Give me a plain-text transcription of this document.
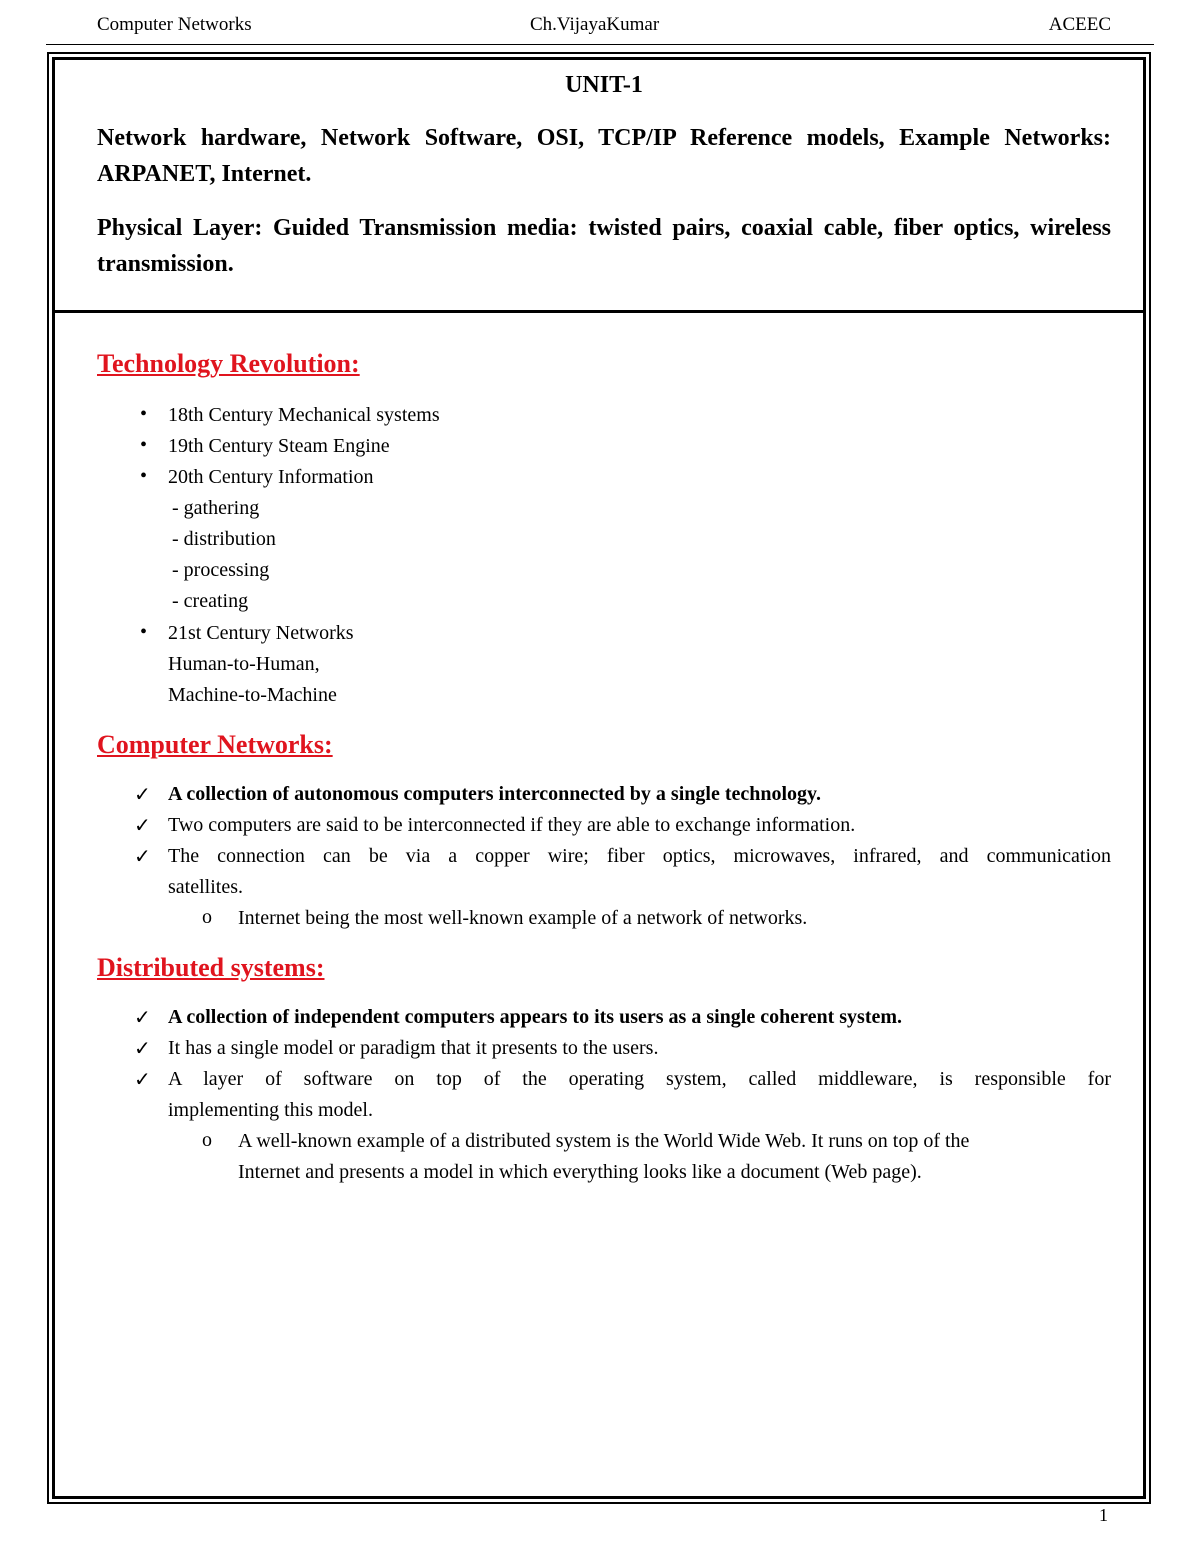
Computer Networks	Ch.VijayaKumar	ACEEC
UNIT-1
Network hardware, Network Software, OSI, TCP/IP Reference models, Example Networks: ARPANET, Internet.
Physical Layer: Guided Transmission media: twisted pairs, coaxial cable, fiber optics, wireless transmission.
Technology Revolution:
• 18th Century Mechanical systems
• 19th Century Steam Engine
• 20th Century Information
- gathering
- distribution
- processing
- creating
• 21st Century Networks
Human-to-Human,
Machine-to-Machine
Computer Networks:
✓ A collection of autonomous computers interconnected by a single technology.
✓ Two computers are said to be interconnected if they are able to exchange information.
✓ The connection can be via a copper wire; fiber optics, microwaves, infrared, and communication
satellites.
o Internet being the most well-known example of a network of networks.
Distributed systems:
✓ A collection of independent computers appears to its users as a single coherent system.
✓ It has a single model or paradigm that it presents to the users.
✓ A layer of software on top of the operating system, called middleware, is responsible for
implementing this model.
o A well-known example of a distributed system is the World Wide Web. It runs on top of the
Internet and presents a model in which everything looks like a document (Web page).
1
